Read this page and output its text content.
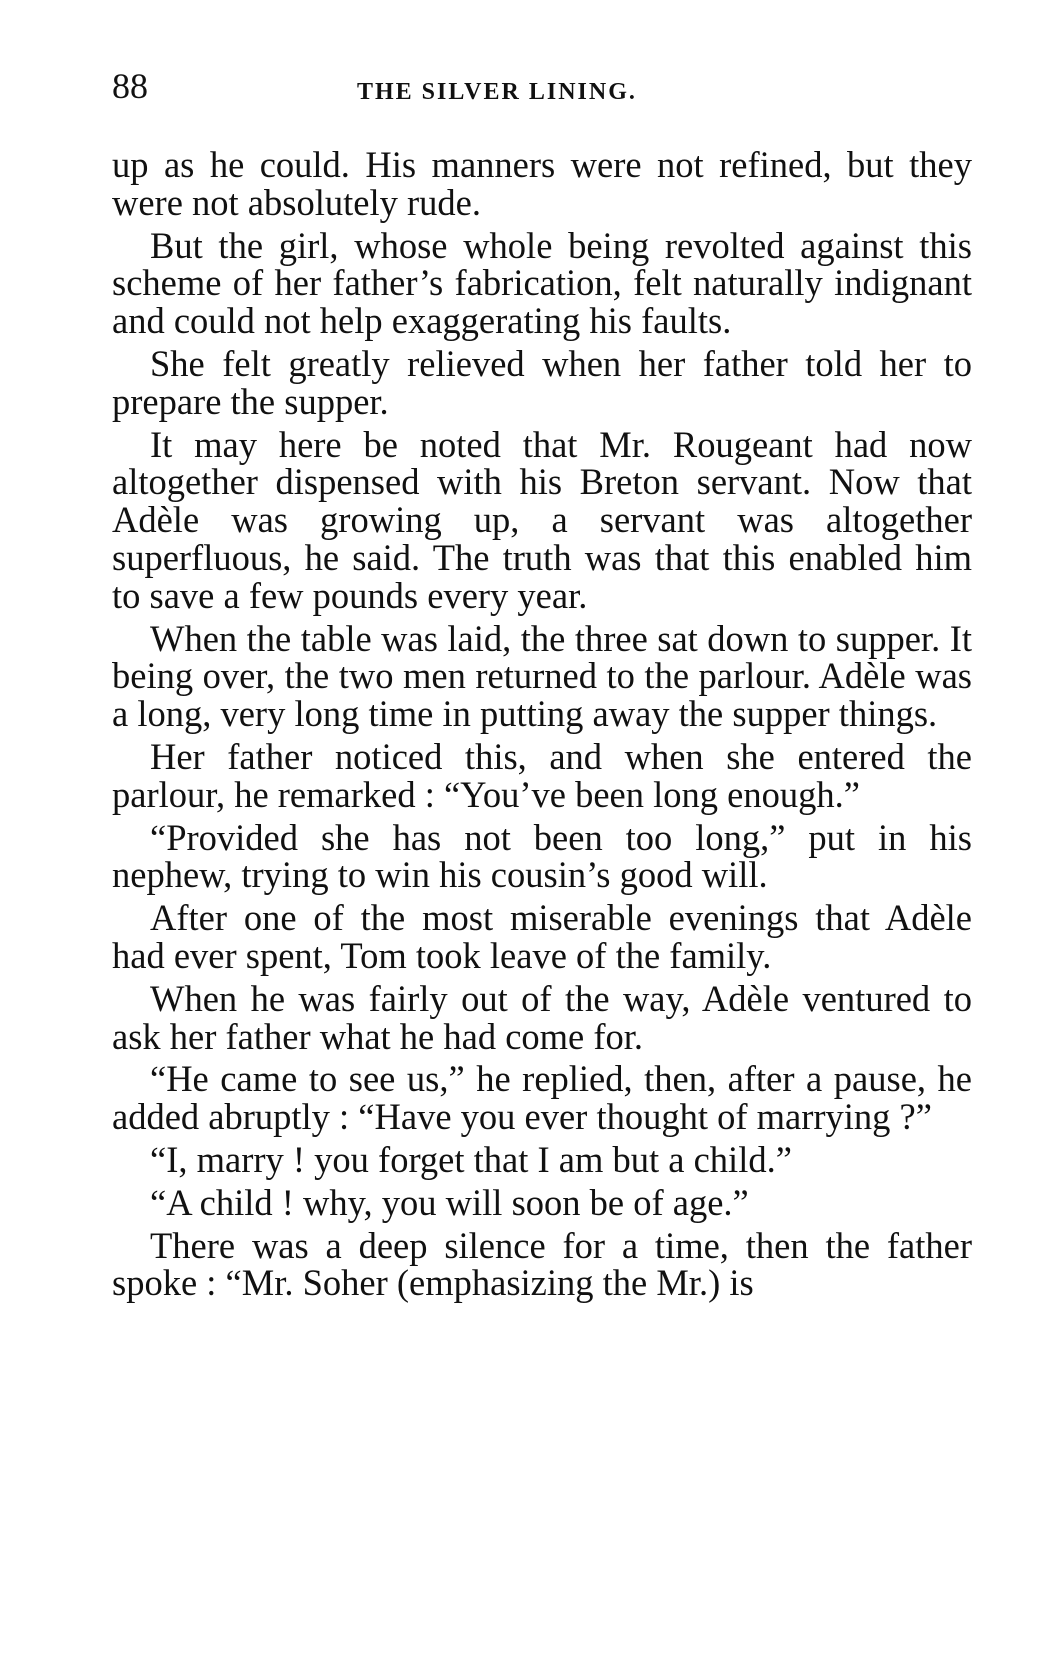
88	THE SILVER LINING.

up as he could. His manners were not refined, but they were not absolutely rude.

But the girl, whose whole being revolted against this scheme of her father’s fabrication, felt naturally indignant and could not help exaggerating his faults.

She felt greatly relieved when her father told her to prepare the supper.

It may here be noted that Mr. Rougeant had now altogether dispensed with his Breton servant. Now that Adèle was growing up, a servant was altogether superfluous, he said. The truth was that this enabled him to save a few pounds every year.

When the table was laid, the three sat down to supper. It being over, the two men returned to the parlour. Adèle was a long, very long time in putting away the supper things.

Her father noticed this, and when she entered the parlour, he remarked : “You’ve been long enough.”

“Provided she has not been too long,” put in his nephew, trying to win his cousin’s good will.

After one of the most miserable evenings that Adèle had ever spent, Tom took leave of the family.

When he was fairly out of the way, Adèle ventured to ask her father what he had come for.

“He came to see us,” he replied, then, after a pause, he added abruptly : “Have you ever thought of marrying ?”

“I, marry ! you forget that I am but a child.”

“A child ! why, you will soon be of age.”

There was a deep silence for a time, then the father spoke : “Mr. Soher (emphasizing the Mr.) is
